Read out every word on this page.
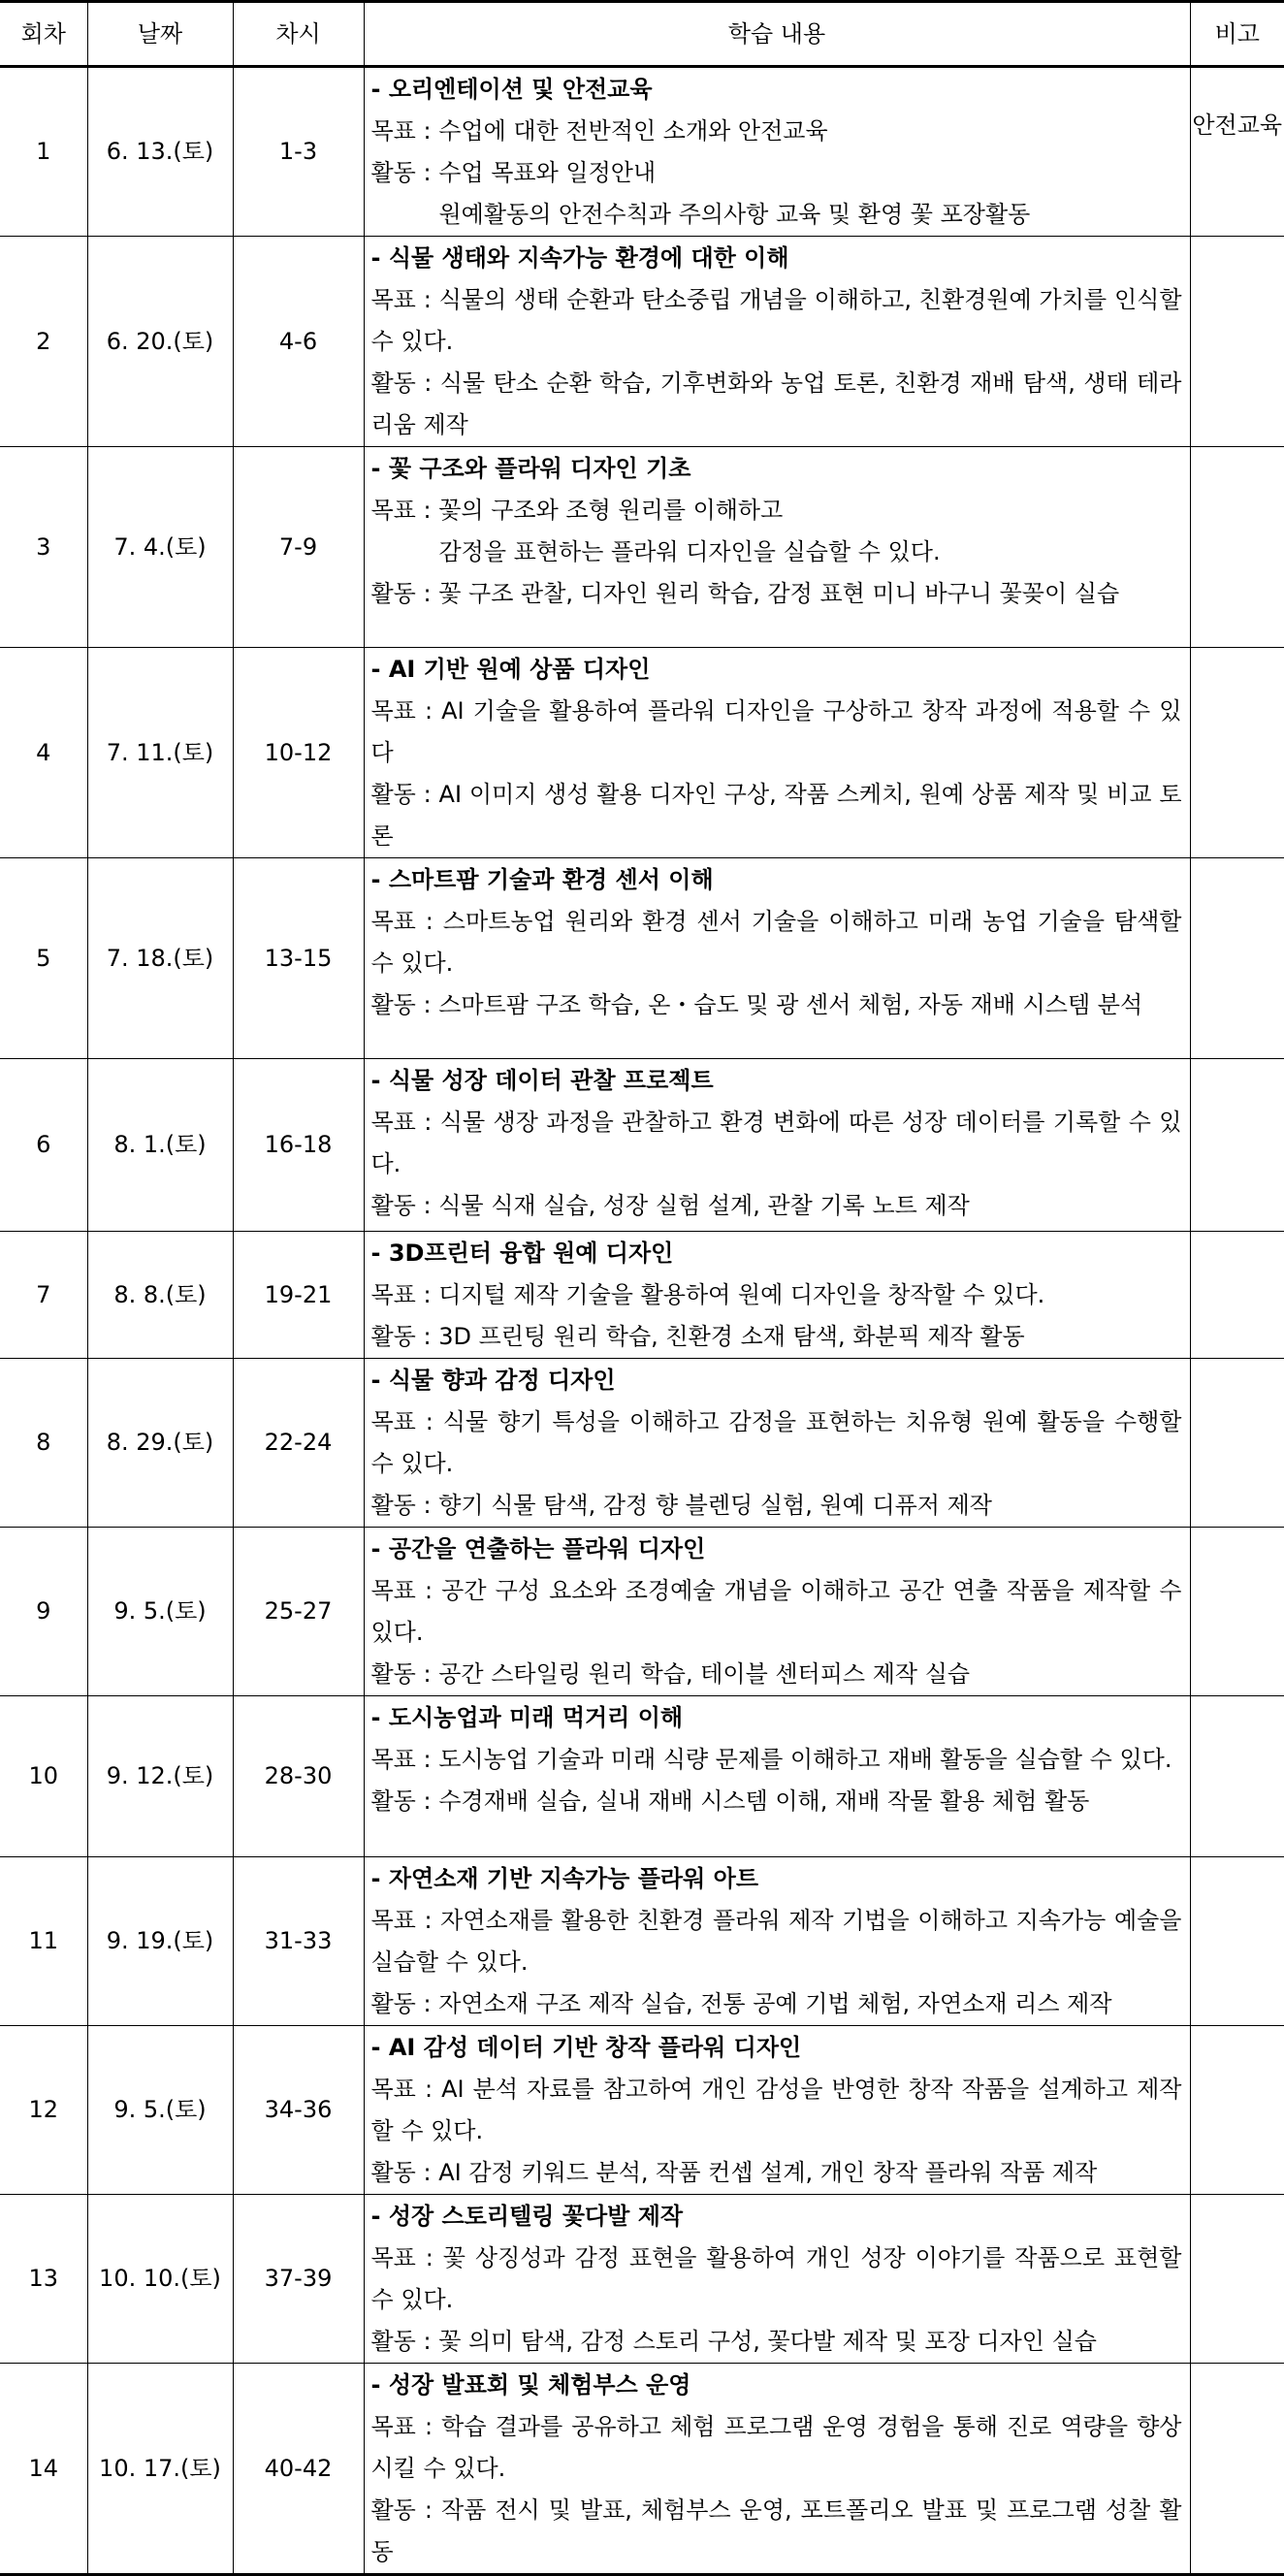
회차	날짜	차시	학습 내용	비고
1	6. 13.(토)	1-3	- 오리엔테이션 및 안전교육
목표 : 수업에 대한 전반적인 소개와 안전교육
활동 : 수업 목표와 일정안내
원예활동의 안전수칙과 주의사항 교육 및 환영 꽃 포장활동	안전교육
2	6. 20.(토)	4-6	- 식물 생태와 지속가능 환경에 대한 이해
목표 : 식물의 생태 순환과 탄소중립 개념을 이해하고, 친환경원예 가치를 인식할 수 있다.
활동 : 식물 탄소 순환 학습, 기후변화와 농업 토론, 친환경 재배 탐색, 생태 테라리움 제작	

3	7. 4.(토)	7-9	- 꽃 구조와 플라워 디자인 기초
목표 : 꽃의 구조와 조형 원리를 이해하고
감정을 표현하는 플라워 디자인을 실습할 수 있다.
활동 : 꽃 구조 관찰, 디자인 원리 학습, 감정 표현 미니 바구니 꽃꽂이 실습	

4	7. 11.(토)	10-12	- AI 기반 원예 상품 디자인
목표 : AI 기술을 활용하여 플라워 디자인을 구상하고 창작 과정에 적용할 수 있다
활동 : AI 이미지 생성 활용 디자인 구상, 작품 스케치, 원예 상품 제작 및 비교 토론	

5	7. 18.(토)	13-15	- 스마트팜 기술과 환경 센서 이해
목표 : 스마트농업 원리와 환경 센서 기술을 이해하고 미래 농업 기술을 탐색할 수 있다.
활동 : 스마트팜 구조 학습, 온・습도 및 광 센서 체험, 자동 재배 시스템 분석	

6	8. 1.(토)	16-18	- 식물 성장 데이터 관찰 프로젝트
목표 : 식물 생장 과정을 관찰하고 환경 변화에 따른 성장 데이터를 기록할 수 있다.
활동 : 식물 식재 실습, 성장 실험 설계, 관찰 기록 노트 제작	

7	8. 8.(토)	19-21	- 3D프린터 융합 원예 디자인
목표 : 디지털 제작 기술을 활용하여 원예 디자인을 창작할 수 있다.
활동 : 3D 프린팅 원리 학습, 친환경 소재 탐색, 화분픽 제작 활동	

8	8. 29.(토)	22-24	- 식물 향과 감정 디자인
목표 : 식물 향기 특성을 이해하고 감정을 표현하는 치유형 원예 활동을 수행할 수 있다.
활동 : 향기 식물 탐색, 감정 향 블렌딩 실험, 원예 디퓨저 제작	

9	9. 5.(토)	25-27	- 공간을 연출하는 플라워 디자인
목표 : 공간 구성 요소와 조경예술 개념을 이해하고 공간 연출 작품을 제작할 수 있다.
활동 : 공간 스타일링 원리 학습, 테이블 센터피스 제작 실습	

10	9. 12.(토)	28-30	- 도시농업과 미래 먹거리 이해
목표 : 도시농업 기술과 미래 식량 문제를 이해하고 재배 활동을 실습할 수 있다.
활동 : 수경재배 실습, 실내 재배 시스템 이해, 재배 작물 활용 체험 활동	

11	9. 19.(토)	31-33	- 자연소재 기반 지속가능 플라워 아트
목표 : 자연소재를 활용한 친환경 플라워 제작 기법을 이해하고 지속가능 예술을 실습할 수 있다.
활동 : 자연소재 구조 제작 실습, 전통 공예 기법 체험, 자연소재 리스 제작	

12	9. 5.(토)	34-36	- AI 감성 데이터 기반 창작 플라워 디자인
목표 : AI 분석 자료를 참고하여 개인 감성을 반영한 창작 작품을 설계하고 제작할 수 있다.
활동 : AI 감정 키워드 분석, 작품 컨셉 설계, 개인 창작 플라워 작품 제작	

13	10. 10.(토)	37-39	- 성장 스토리텔링 꽃다발 제작
목표 : 꽃 상징성과 감정 표현을 활용하여 개인 성장 이야기를 작품으로 표현할 수 있다.
활동 : 꽃 의미 탐색, 감정 스토리 구성, 꽃다발 제작 및 포장 디자인 실습	

14	10. 17.(토)	40-42	- 성장 발표회 및 체험부스 운영
목표 : 학습 결과를 공유하고 체험 프로그램 운영 경험을 통해 진로 역량을 향상시킬 수 있다.
활동 : 작품 전시 및 발표, 체험부스 운영, 포트폴리오 발표 및 프로그램 성찰 활동	
